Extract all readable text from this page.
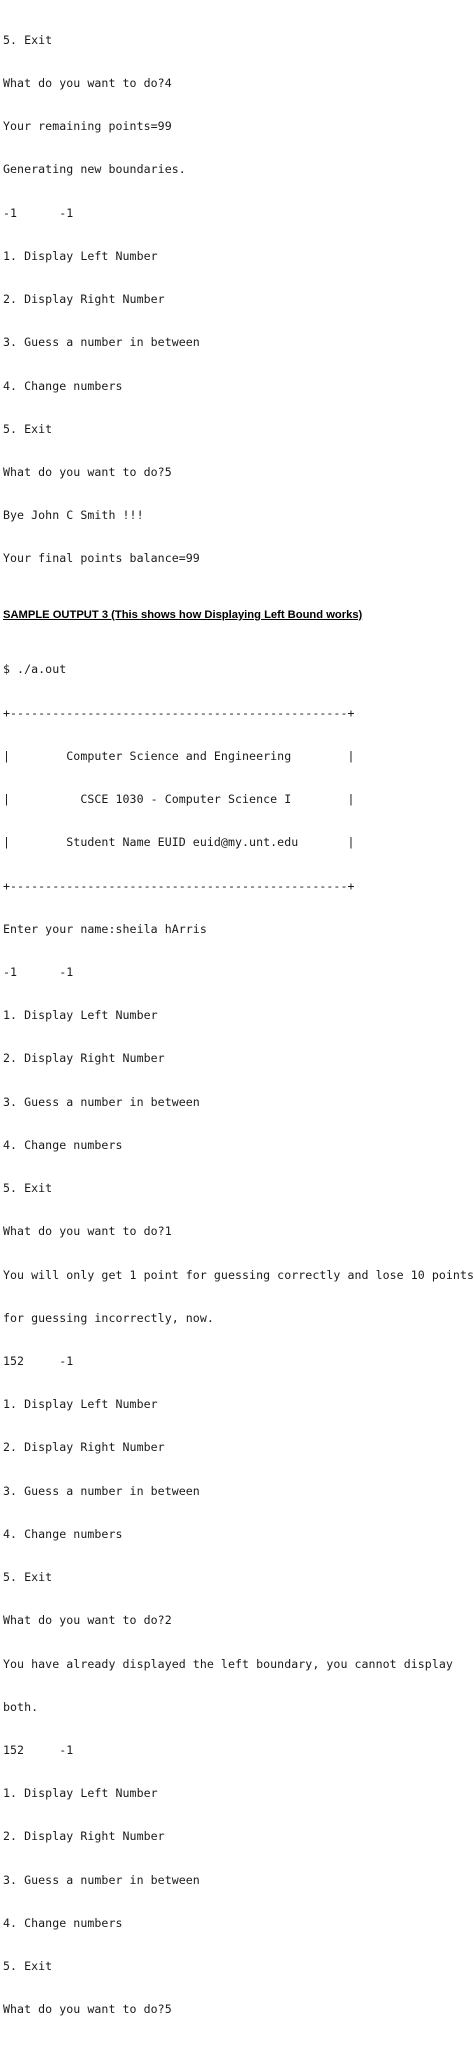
5. Exit

What do you want to do?4

Your remaining points=99

Generating new boundaries.

-1      -1

1. Display Left Number

2. Display Right Number

3. Guess a number in between

4. Change numbers

5. Exit

What do you want to do?5

Bye John C Smith !!!

Your final points balance=99

SAMPLE OUTPUT 3 (This shows how Displaying Left Bound works)

$ ./a.out

+------------------------------------------------+

|        Computer Science and Engineering        |

|          CSCE 1030 - Computer Science I        |

|        Student Name EUID euid@my.unt.edu       |

+------------------------------------------------+

Enter your name:sheila hArris

-1      -1

1. Display Left Number

2. Display Right Number

3. Guess a number in between

4. Change numbers

5. Exit

What do you want to do?1

You will only get 1 point for guessing correctly and lose 10 points

for guessing incorrectly, now.

152     -1

1. Display Left Number

2. Display Right Number

3. Guess a number in between

4. Change numbers

5. Exit

What do you want to do?2

You have already displayed the left boundary, you cannot display

both.

152     -1

1. Display Left Number

2. Display Right Number

3. Guess a number in between

4. Change numbers

5. Exit

What do you want to do?5
